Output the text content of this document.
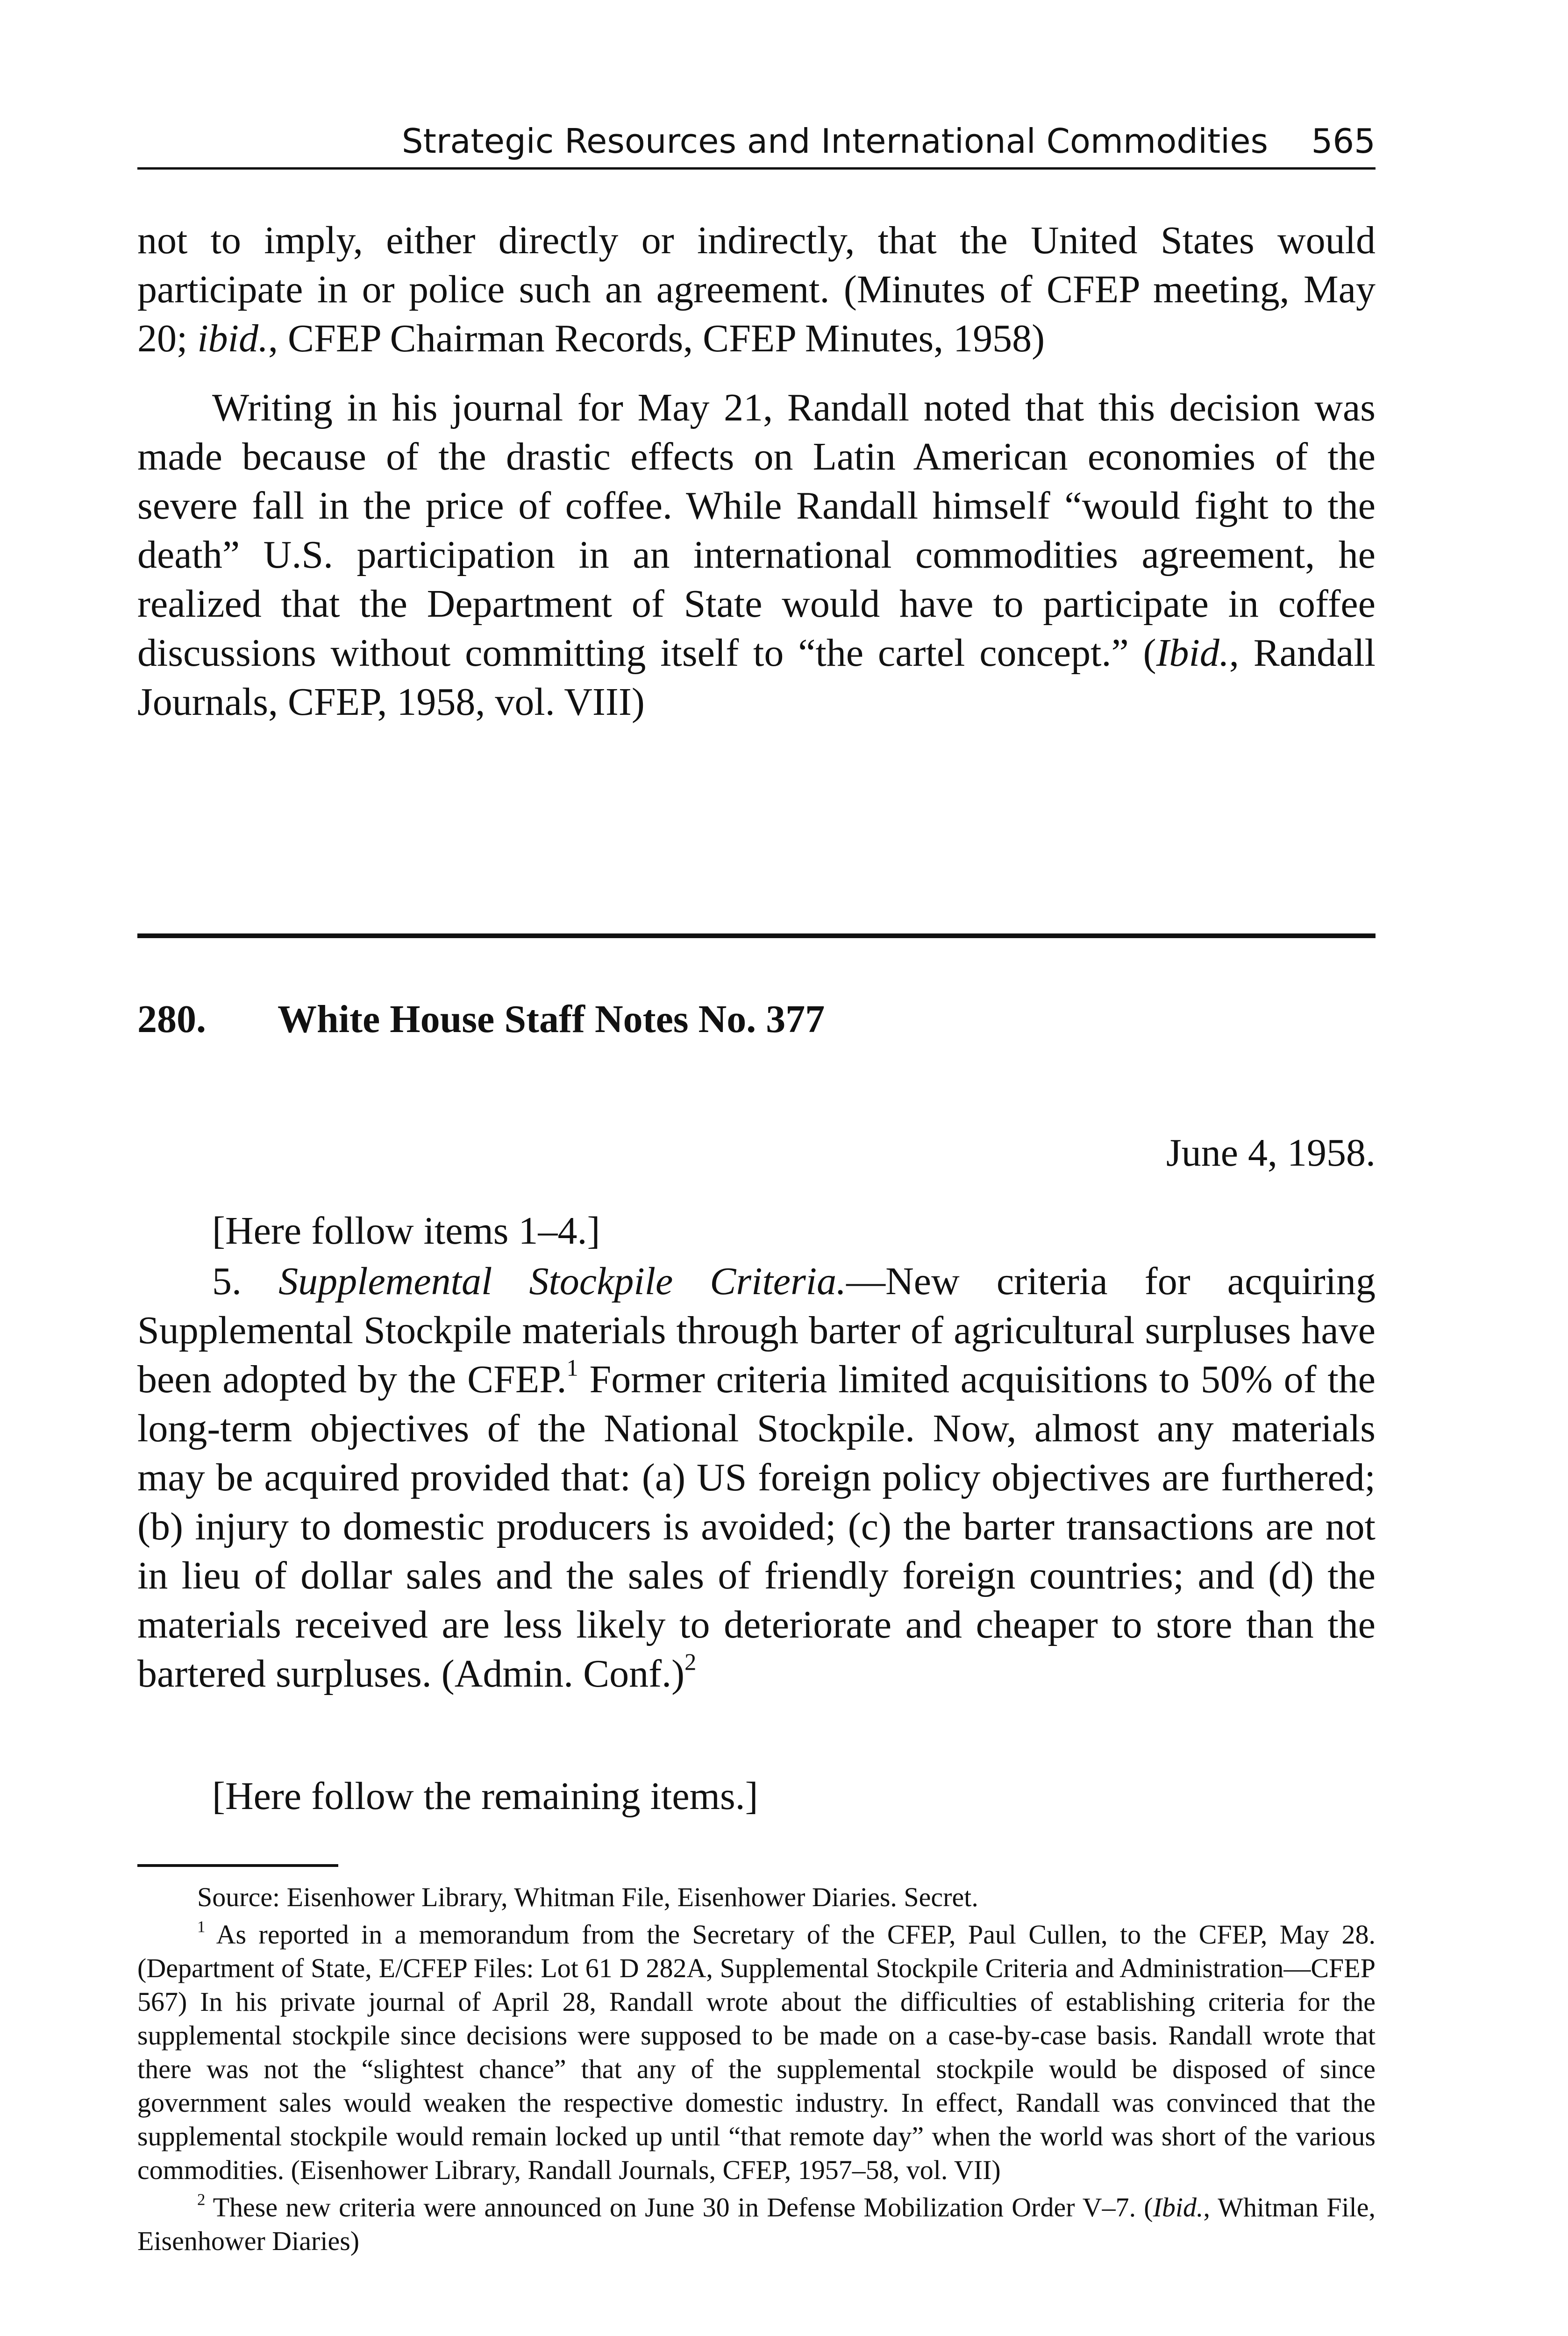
Strategic Resources and International Commodities 565

not to imply, either directly or indirectly, that the United States would participate in or police such an agreement. (Minutes of CFEP meeting, May 20; ibid., CFEP Chairman Records, CFEP Minutes, 1958)

Writing in his journal for May 21, Randall noted that this decision was made because of the drastic effects on Latin American economies of the severe fall in the price of coffee. While Randall himself “would fight to the death” U.S. participation in an international commodities agreement, he realized that the Department of State would have to participate in coffee discussions without committing itself to “the cartel concept.” (Ibid., Randall Journals, CFEP, 1958, vol. VIII)

280. White House Staff Notes No. 377
June 4, 1958.

[Here follow items 1–4.]

5. Supplemental Stockpile Criteria.—New criteria for acquiring Supplemental Stockpile materials through barter of agricultural surpluses have been adopted by the CFEP.$^1$ Former criteria limited acquisitions to 50% of the long-term objectives of the National Stockpile. Now, almost any materials may be acquired provided that: (a) US foreign policy objectives are furthered; (b) injury to domestic producers is avoided; (c) the barter transactions are not in lieu of dollar sales and the sales of friendly foreign countries; and (d) the materials received are less likely to deteriorate and cheaper to store than the bartered surpluses. (Admin. Conf.)$^2$

[Here follow the remaining items.]

Source: Eisenhower Library, Whitman File, Eisenhower Diaries. Secret.

$^1$ As reported in a memorandum from the Secretary of the CFEP, Paul Cullen, to the CFEP, May 28. (Department of State, E/CFEP Files: Lot 61 D 282A, Supplemental Stockpile Criteria and Administration—CFEP 567) In his private journal of April 28, Randall wrote about the difficulties of establishing criteria for the supplemental stockpile since decisions were supposed to be made on a case-by-case basis. Randall wrote that there was not the “slightest chance” that any of the supplemental stockpile would be disposed of since government sales would weaken the respective domestic industry. In effect, Randall was convinced that the supplemental stockpile would remain locked up until “that remote day” when the world was short of the various commodities. (Eisenhower Library, Randall Journals, CFEP, 1957–58, vol. VII)

$^2$ These new criteria were announced on June 30 in Defense Mobilization Order V–7. (Ibid., Whitman File, Eisenhower Diaries)
